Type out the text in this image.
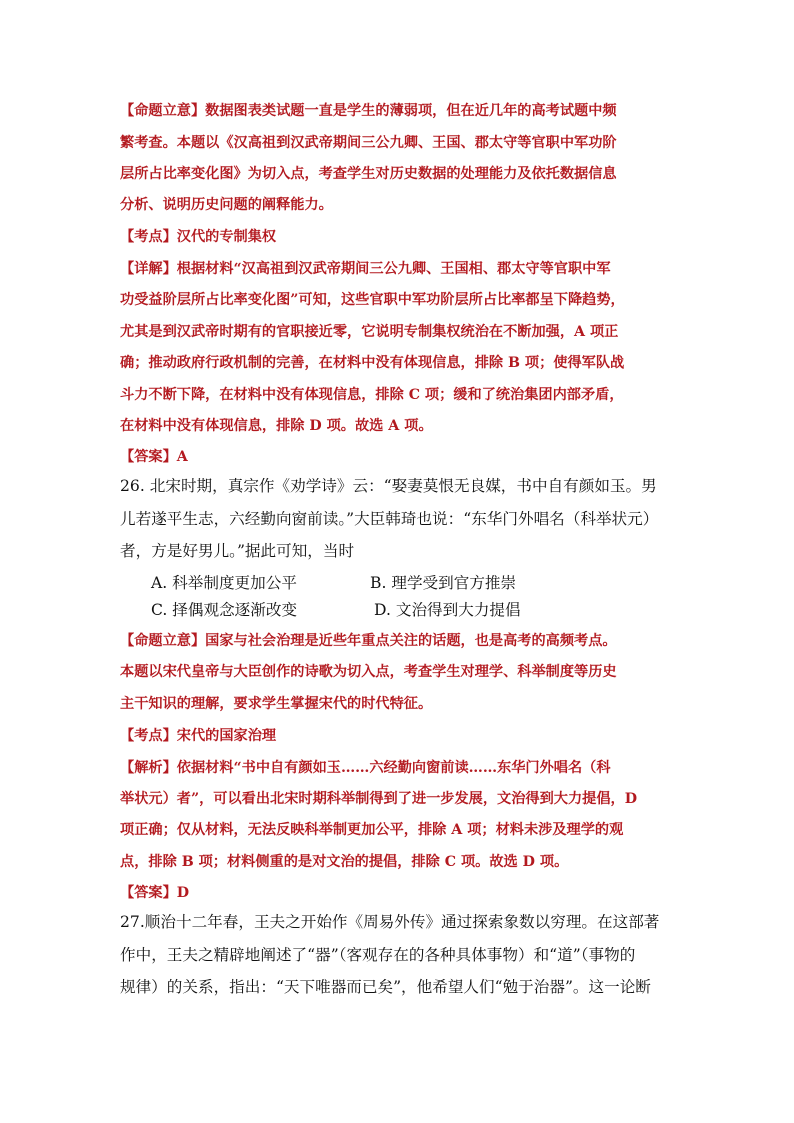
【命题立意】数据图表类试题一直是学生的薄弱项，但在近几年的高考试题中频
繁考查。本题以《汉高祖到汉武帝期间三公九卿、王国、郡太守等官职中军功阶
层所占比率变化图》为切入点，考查学生对历史数据的处理能力及依托数据信息
分析、说明历史问题的阐释能力。
【考点】汉代的专制集权
【详解】根据材料“汉高祖到汉武帝期间三公九卿、王国相、郡太守等官职中军
功受益阶层所占比率变化图”可知，这些官职中军功阶层所占比率都呈下降趋势，
尤其是到汉武帝时期有的官职接近零，它说明专制集权统治在不断加强，A 项正
确；推动政府行政机制的完善，在材料中没有体现信息，排除 B 项；使得军队战
斗力不断下降，在材料中没有体现信息，排除 C 项；缓和了统治集团内部矛盾，
在材料中没有体现信息，排除 D 项。故选 A 项。
【答案】A
26. 北宋时期，真宗作《劝学诗》云：“娶妻莫恨无良媒，书中自有颜如玉。男
儿若遂平生志，六经勤向窗前读。”大臣韩琦也说：“东华门外唱名（科举状元）
者，方是好男儿。”据此可知，当时
A. 科举制度更加公平	B. 理学受到官方推崇
C. 择偶观念逐渐改变	D. 文治得到大力提倡
【命题立意】国家与社会治理是近些年重点关注的话题，也是高考的高频考点。
本题以宋代皇帝与大臣创作的诗歌为切入点，考查学生对理学、科举制度等历史
主干知识的理解，要求学生掌握宋代的时代特征。
【考点】宋代的国家治理
【解析】依据材料“书中自有颜如玉……六经勤向窗前读……东华门外唱名（科
举状元）者”，可以看出北宋时期科举制得到了进一步发展，文治得到大力提倡，D
项正确；仅从材料，无法反映科举制更加公平，排除 A 项；材料未涉及理学的观
点，排除 B 项；材料侧重的是对文治的提倡，排除 C 项。故选 D 项。
【答案】D
27.顺治十二年春，王夫之开始作《周易外传》通过探索象数以穷理。在这部著
作中，王夫之精辟地阐述了“器”（客观存在的各种具体事物）和“道”（事物的
规律）的关系，指出：“天下唯器而已矣”，他希望人们“勉于治器”。这一论断
